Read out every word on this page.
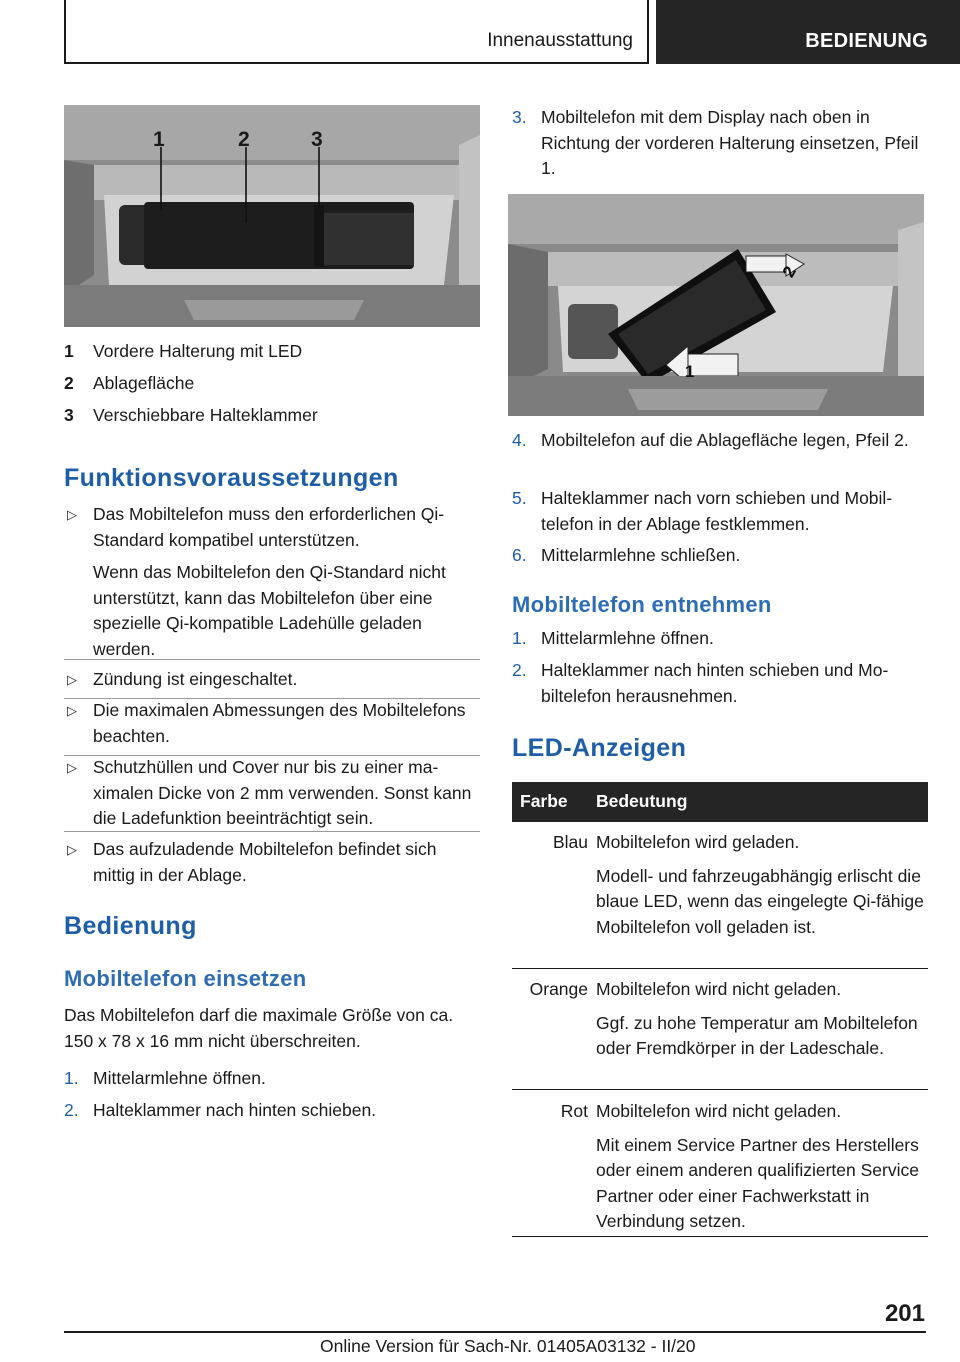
Innenausstattung	BEDIENUNG
1	2	3
1 Vordere Halterung mit LED
2 Ablagefläche
3 Verschiebbare Halteklammer
Funktionsvoraussetzungen
▷ Das Mobiltelefon muss den erforderlichen Qi-Standard kompatibel unterstützen.

Wenn das Mobiltelefon den Qi-Standard nicht unterstützt, kann das Mobiltelefon über eine spezielle Qi-kompatible Ladehülle geladen werden.

▷ Zündung ist eingeschaltet.

▷ Die maximalen Abmessungen des Mobiltelefons beachten.

▷ Schutzhüllen und Cover nur bis zu einer maximalen Dicke von 2 mm verwenden. Sonst kann die Ladefunktion beeinträchtigt sein.

▷ Das aufzuladende Mobiltelefon befindet sich mittig in der Ablage.

Bedienung
Mobiltelefon einsetzen
Das Mobiltelefon darf die maximale Größe von ca. 150 x 78 x 16 mm nicht überschreiten.
1. Mittelarmlehne öffnen.
2. Halteklammer nach hinten schieben.
3. Mobiltelefon mit dem Display nach oben in Richtung der vorderen Halterung einsetzen, Pfeil 1.
2
1
4. Mobiltelefon auf die Ablagefläche legen, Pfeil 2.
5. Halteklammer nach vorn schieben und Mobiltelefon in der Ablage festklemmen.
6. Mittelarmlehne schließen.
Mobiltelefon entnehmen
1. Mittelarmlehne öffnen.
2. Halteklammer nach hinten schieben und Mobiltelefon herausnehmen.
LED-Anzeigen
Farbe Bedeutung
Blau Mobiltelefon wird geladen.

Modell- und fahrzeugabhängig erlischt die blaue LED, wenn das eingelegte Qi-fähige Mobiltelefon voll geladen ist.

Orange Mobiltelefon wird nicht geladen.

Ggf. zu hohe Temperatur am Mobiltelefon oder Fremdkörper in der Ladeschale.

Rot Mobiltelefon wird nicht geladen.

Mit einem Service Partner des Herstellers oder einem anderen qualifizierten Service Partner oder einer Fachwerkstatt in Verbindung setzen.

201
Online Version für Sach-Nr. 01405A03132 - II/20
